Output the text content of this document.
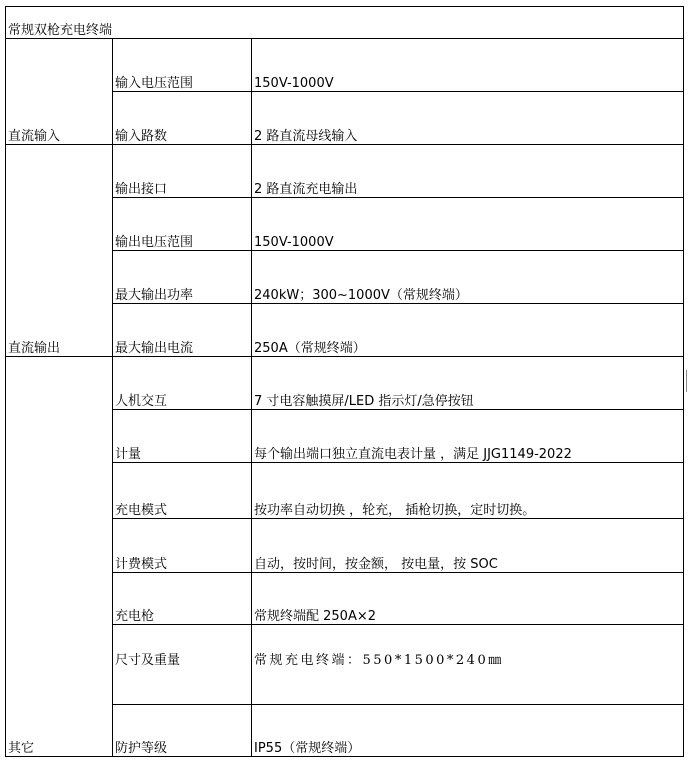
常规双枪充电终端		
直流输入	输入电压范围	150V-1000V
	输入路数	2 路直流母线输入
直流输出	输出接口	2 路直流充电输出
	输出电压范围	150V-1000V
	最大输出功率	240kW；300~1000V（常规终端）
	最大输出电流	250A（常规终端）
其它	人机交互	7 寸电容触摸屏/LED 指示灯/急停按钮
	计量	每个输出端口独立直流电表计量 ，满足 JJG1149-2022
	充电模式	按功率自动切换 ，轮充， 插枪切换，定时切换。
	计费模式	自动，按时间，按金额， 按电量，按 SOC
	充电枪	常规终端配 250A×2
	尺寸及重量	常规充电终端：550*1500*240㎜
	防护等级	IP55（常规终端）
